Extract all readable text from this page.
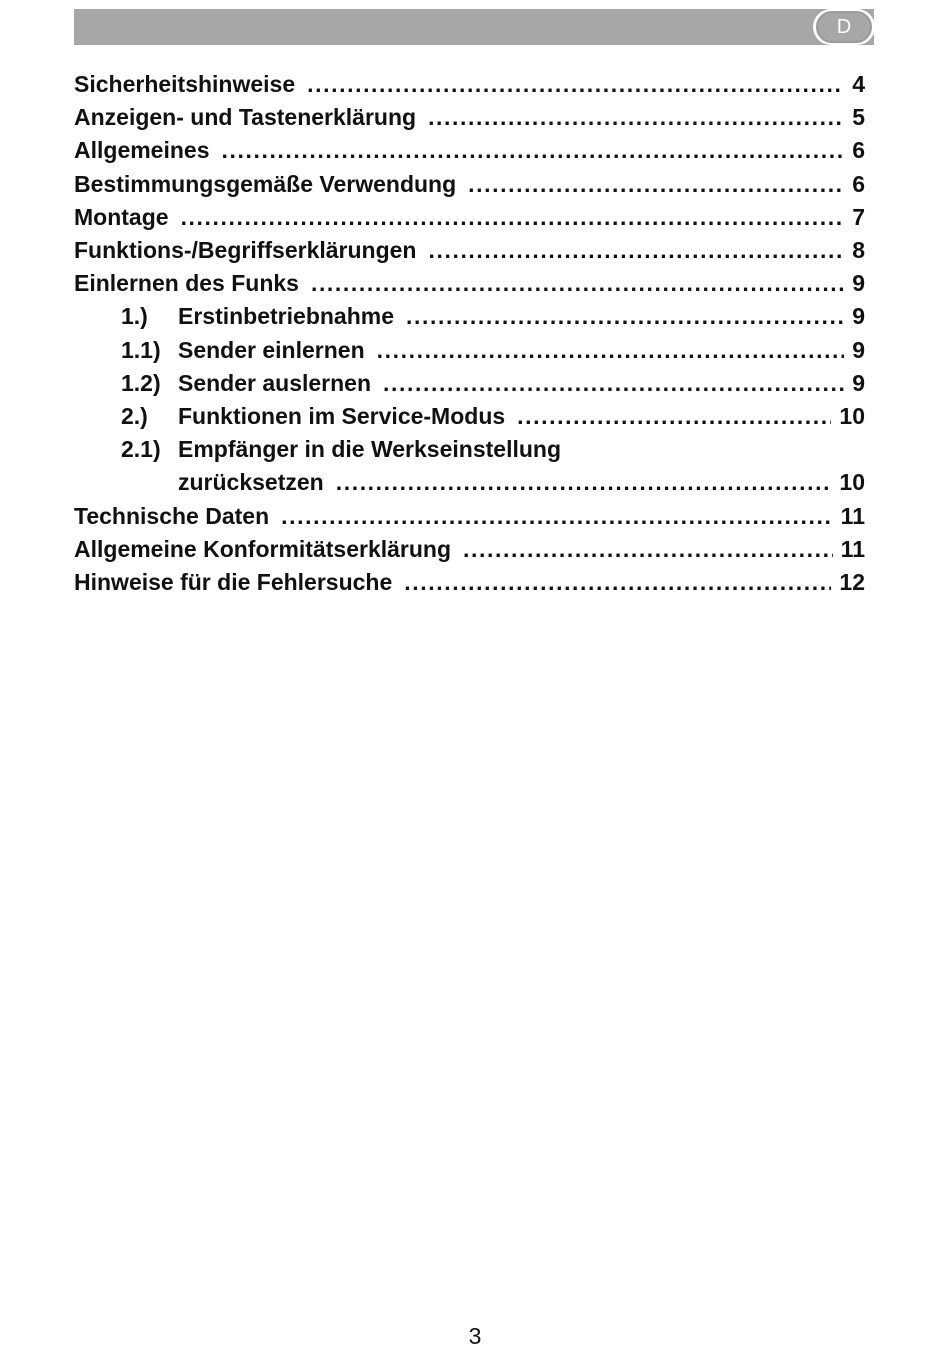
D
Sicherheitshinweise .....	4
Anzeigen- und Tastenerklärung .....	5
Allgemeines .....	6
Bestimmungsgemäße Verwendung .....	6
Montage .....	7
Funktions-/Begriffserklärungen .....	8
Einlernen des Funks .....	9
1.)	Erstinbetriebnahme .....	9
1.1) Sender einlernen .....	9
1.2) Sender auslernen .....	9
2.)	Funktionen im Service-Modus .....	10
2.1) Empfänger in die Werkseinstellung
zurücksetzen .....	10
Technische Daten .....	11
Allgemeine Konformitätserklärung .....	11
Hinweise für die Fehlersuche .....	12
3
